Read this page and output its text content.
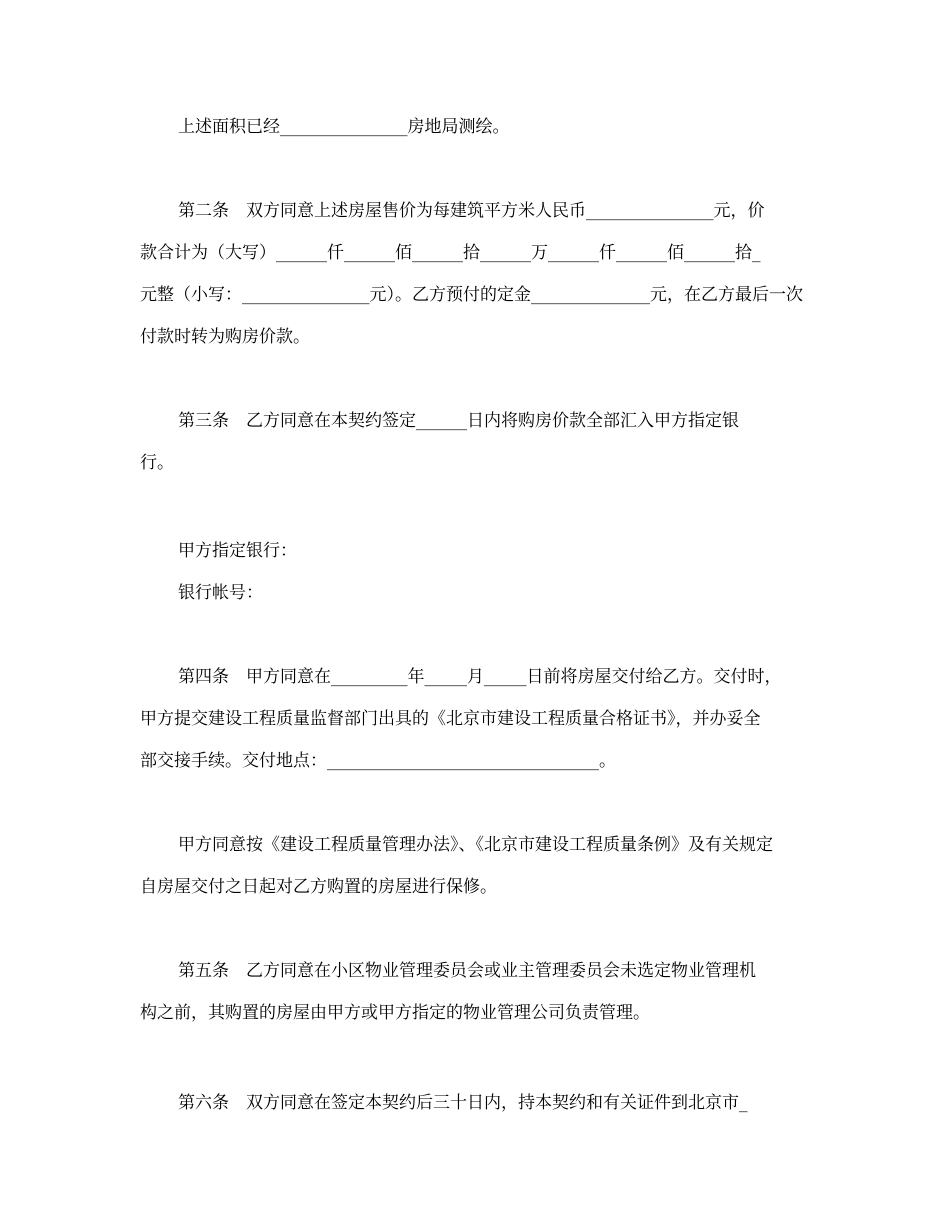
上述面积已经_______________房地局测绘。
第二条　双方同意上述房屋售价为每建筑平方米人民币_______________元，价
款合计为（大写）______仟______佰______拾______万______仟______佰______拾_
元整（小写：_______________元）。乙方预付的定金______________元，在乙方最后一次
付款时转为购房价款。
第三条　乙方同意在本契约签定______日内将购房价款全部汇入甲方指定银
行。
甲方指定银行：
银行帐号：
第四条　甲方同意在_________年_____月_____日前将房屋交付给乙方。交付时，
甲方提交建设工程质量监督部门出具的《北京市建设工程质量合格证书》，并办妥全
部交接手续。交付地点：________________________________。
甲方同意按《建设工程质量管理办法》、《北京市建设工程质量条例》及有关规定
自房屋交付之日起对乙方购置的房屋进行保修。
第五条　乙方同意在小区物业管理委员会或业主管理委员会未选定物业管理机
构之前，其购置的房屋由甲方或甲方指定的物业管理公司负责管理。
第六条　双方同意在签定本契约后三十日内，持本契约和有关证件到北京市_
